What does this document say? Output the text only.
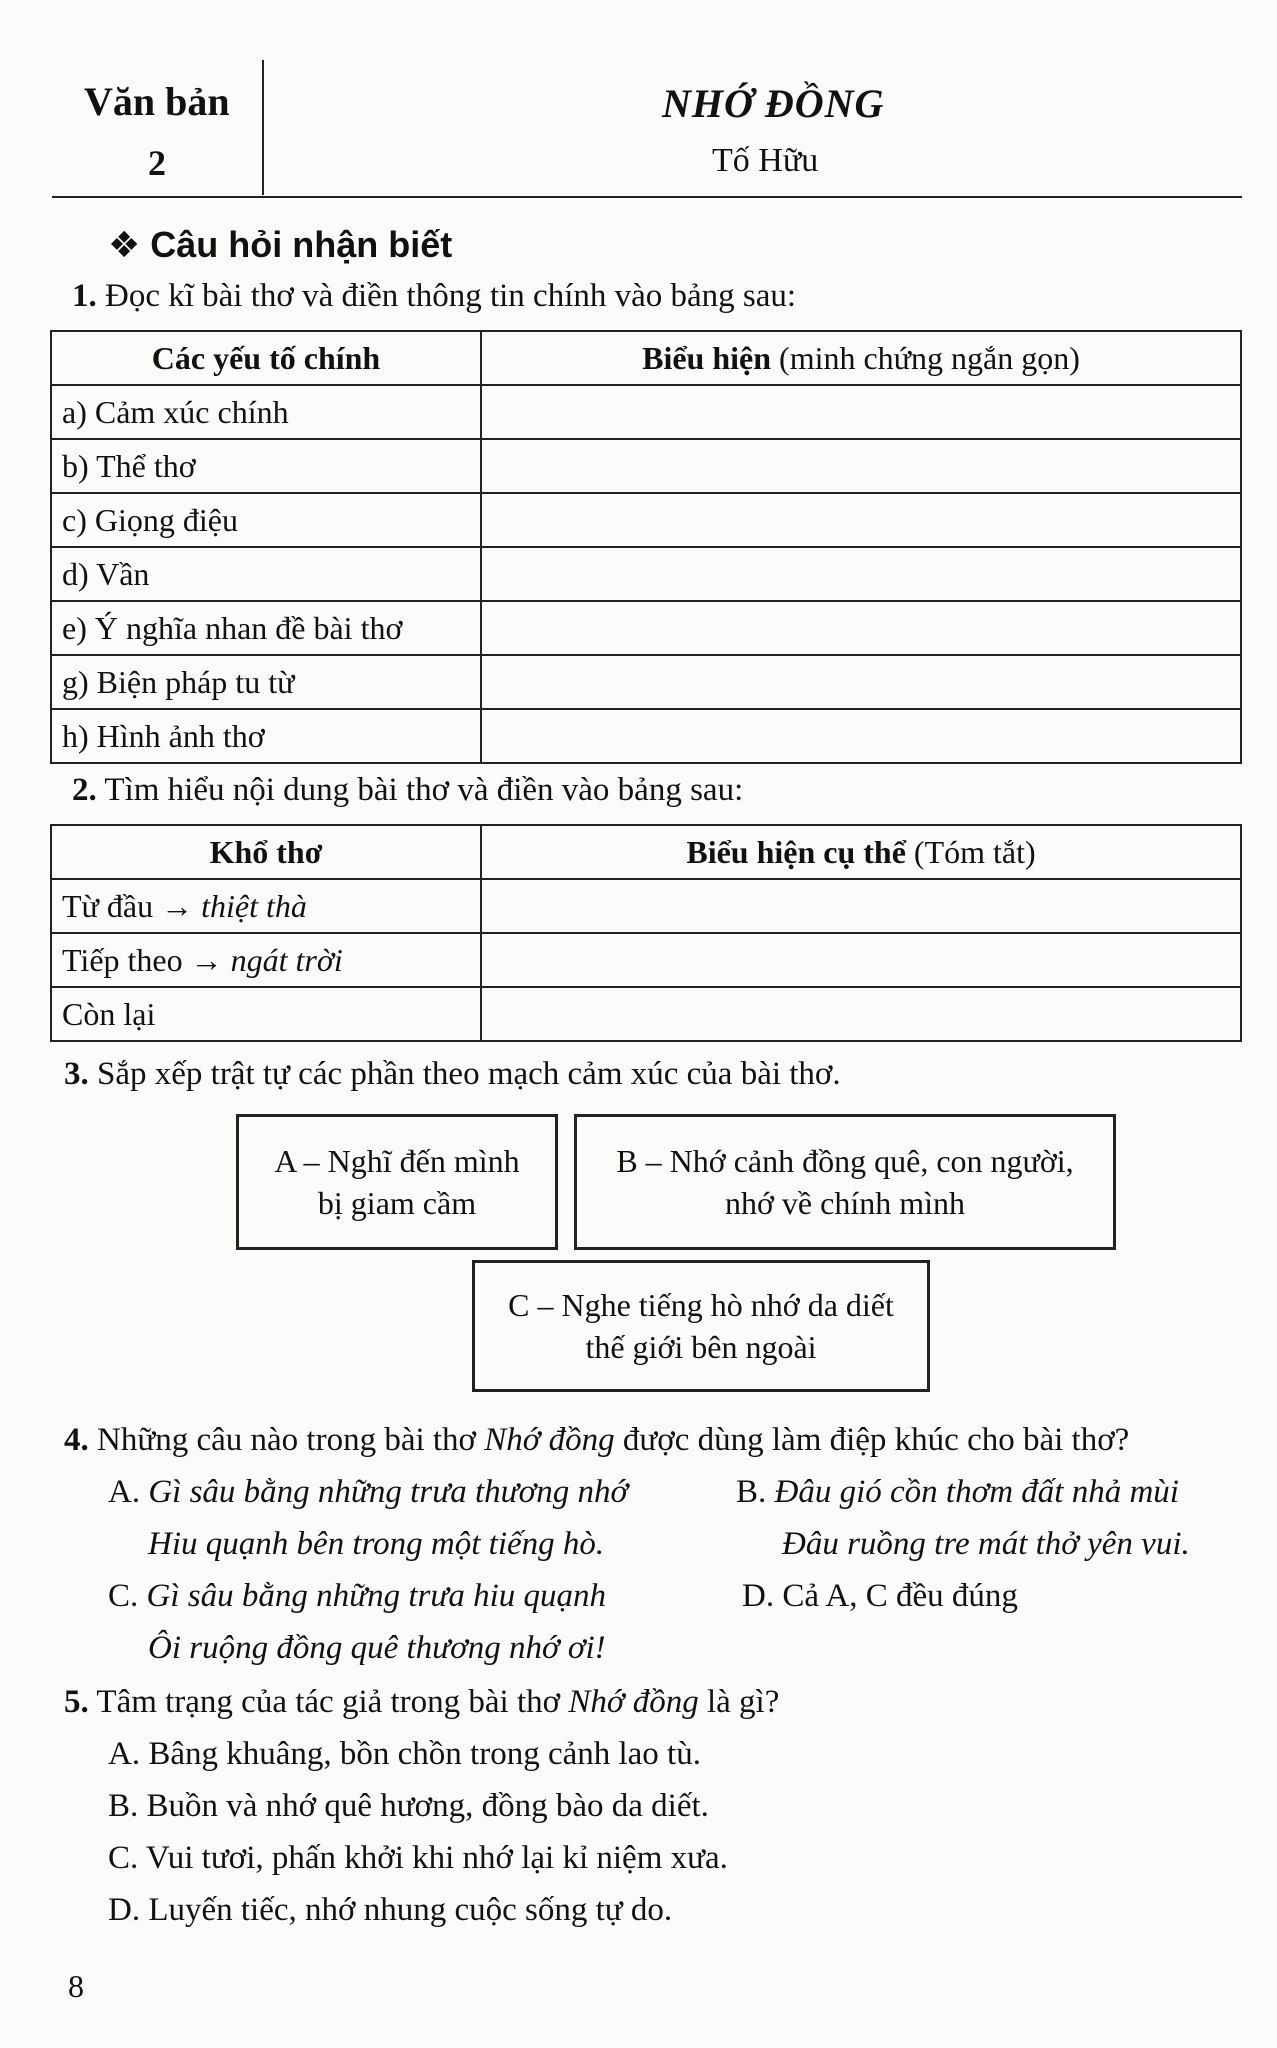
Văn bản
2
NHỚ ĐỒNG
Tố Hữu
❖ Câu hỏi nhận biết
1. Đọc kĩ bài thơ và điền thông tin chính vào bảng sau:
Các yếu tố chính	Biểu hiện (minh chứng ngắn gọn)
a) Cảm xúc chính	
b) Thể thơ	
c) Giọng điệu	
d) Vần	
e) Ý nghĩa nhan đề bài thơ	
g) Biện pháp tu từ	
h) Hình ảnh thơ	
2. Tìm hiểu nội dung bài thơ và điền vào bảng sau:
Khổ thơ	Biểu hiện cụ thể (Tóm tắt)
Từ đầu → thiệt thà	
Tiếp theo → ngát trời	
Còn lại	
3. Sắp xếp trật tự các phần theo mạch cảm xúc của bài thơ.
A – Nghĩ đến mình
bị giam cầm
B – Nhớ cảnh đồng quê, con người,
nhớ về chính mình
C – Nghe tiếng hò nhớ da diết
thế giới bên ngoài
4. Những câu nào trong bài thơ Nhớ đồng được dùng làm điệp khúc cho bài thơ?
A. Gì sâu bằng những trưa thương nhớ
Hiu quạnh bên trong một tiếng hò.
B. Đâu gió cồn thơm đất nhả mùi
Đâu ruồng tre mát thở yên vui.
C. Gì sâu bằng những trưa hiu quạnh
Ôi ruộng đồng quê thương nhớ ơi!
D. Cả A, C đều đúng
5. Tâm trạng của tác giả trong bài thơ Nhớ đồng là gì?
A. Bâng khuâng, bồn chồn trong cảnh lao tù.
B. Buồn và nhớ quê hương, đồng bào da diết.
C. Vui tươi, phấn khởi khi nhớ lại kỉ niệm xưa.
D. Luyến tiếc, nhớ nhung cuộc sống tự do.
8
